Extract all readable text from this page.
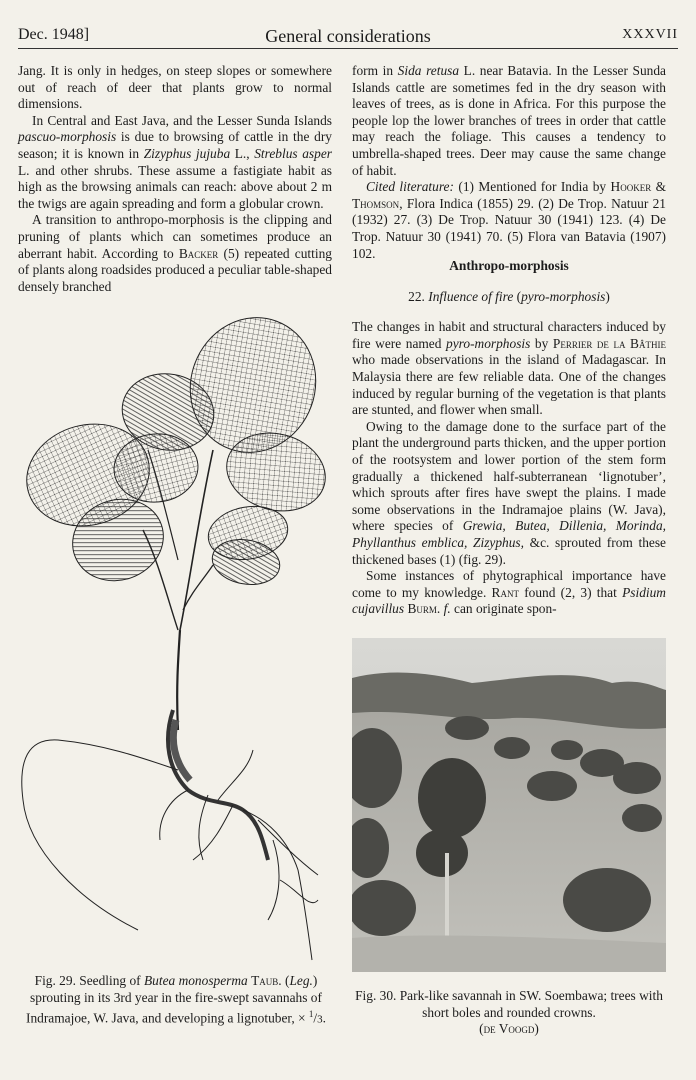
Dec. 1948]	General considerations	XXXVII

Jang. It is only in hedges, on steep slopes or somewhere out of reach of deer that plants grow to normal dimensions.

In Central and East Java, and the Lesser Sunda Islands pascuo-morphosis is due to browsing of cattle in the dry season; it is known in Zizyphus jujuba L., Streblus asper L. and other shrubs. These assume a fastigiate habit as high as the browsing animals can reach: above about 2 m the twigs are again spreading and form a globular crown.

A transition to anthropo-morphosis is the clipping and pruning of plants which can sometimes produce an aberrant habit. According to Backer (5) repeated cutting of plants along roadsides produced a peculiar table-shaped densely branched

form in Sida retusa L. near Batavia. In the Lesser Sunda Islands cattle are sometimes fed in the dry season with leaves of trees, as is done in Africa. For this purpose the people lop the lower branches of trees in order that cattle may reach the foliage. This causes a tendency to umbrella-shaped trees. Deer may cause the same change of habit.

Cited literature: (1) Mentioned for India by Hooker & Thomson, Flora Indica (1855) 29. (2) De Trop. Natuur 21 (1932) 27. (3) De Trop. Natuur 30 (1941) 123. (4) De Trop. Natuur 30 (1941) 70. (5) Flora van Batavia (1907) 102.

Anthropo-morphosis

22. Influence of fire (pyro-morphosis)

The changes in habit and structural characters induced by fire were named pyro-morphosis by Perrier de la Bâthie who made observations in the island of Madagascar. In Malaysia there are few reliable data. One of the changes induced by regular burning of the vegetation is that plants are stunted, and flower when small.

Owing to the damage done to the surface part of the plant the underground parts thicken, and the upper portion of the rootsystem and lower portion of the stem form gradually a thickened half-subterranean ‘lignotuber’, which sprouts after fires have swept the plains. I made some observations in the Indramajoe plains (W. Java), where species of Grewia, Butea, Dillenia, Morinda, Phyllanthus emblica, Zizyphus, &c. sprouted from these thickened bases (1) (fig. 29).

Some instances of phytographical importance have come to my knowledge. Rant found (2, 3) that Psidium cujavillus Burm. f. can originate spon-

Fig. 29. Seedling of Butea monosperma Taub. (Leg.) sprouting in its 3rd year in the fire-swept savannahs of Indramajoe, W. Java, and developing a lignotuber, × $^1$/3.
Fig. 30. Park-like savannah in SW. Soembawa; trees with short boles and rounded crowns.
(de Voogd)
